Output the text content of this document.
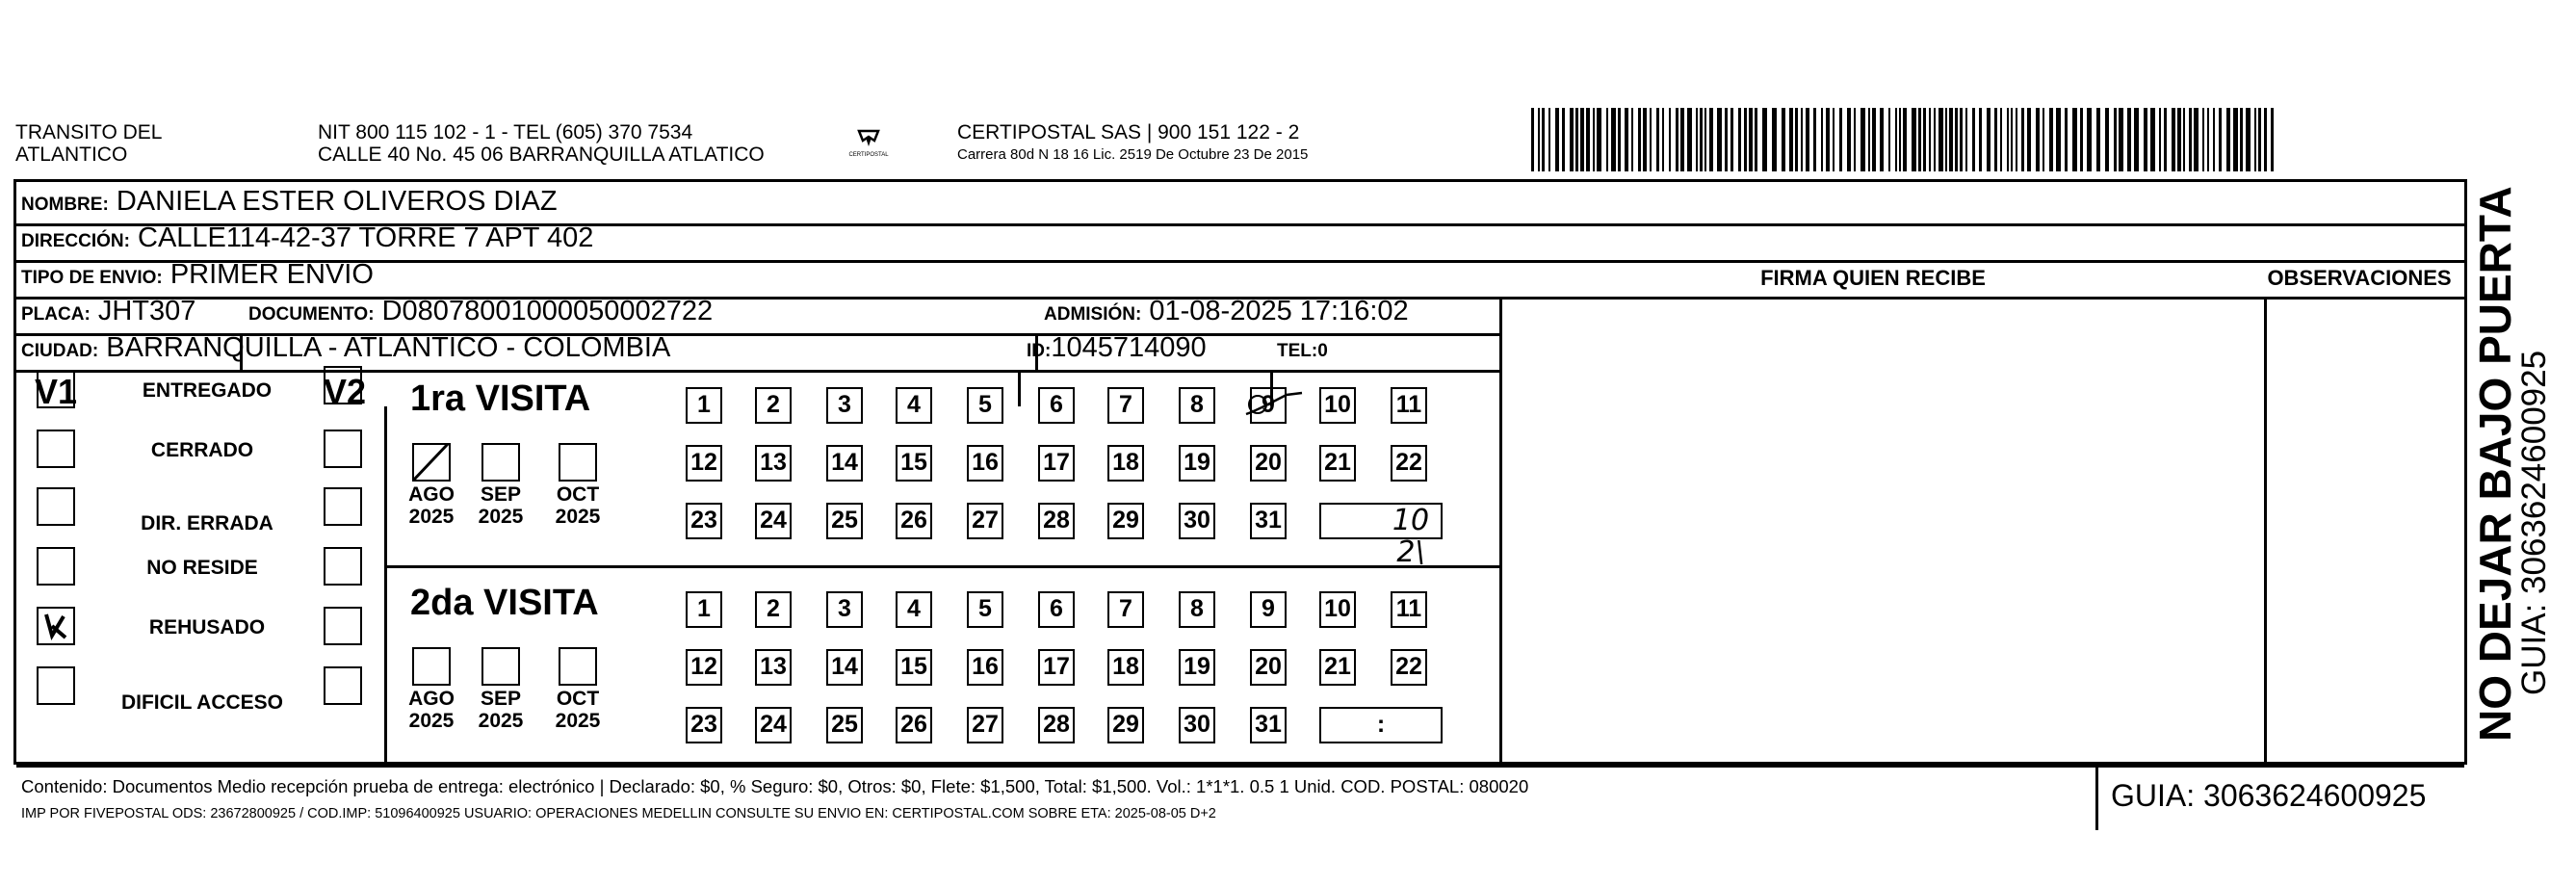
TRANSITO DEL
ATLANTICO
NIT 800 115 102 - 1 - TEL (605) 370 7534
CALLE 40 No. 45 06 BARRANQUILLA ATLATICO	CERTIPOSTAL
CERTIPOSTAL SAS | 900 151 122 - 2
Carrera 80d N 18 16 Lic. 2519 De Octubre 23 De 2015
NOMBRE: DANIELA ESTER OLIVEROS DIAZ
DIRECCIÓN: CALLE114-42-37 TORRE 7 APT 402
TIPO DE ENVIO: PRIMER ENVIO
PLACA: JHT307	DOCUMENTO: D08078001000050002722	ADMISIÓN: 01-08-2025 17:16:02
CIUDAD: BARRANQUILLA - ATLANTICO - COLOMBIA	ID:1045714090	TEL:0
FIRMA QUIEN RECIBE	OBSERVACIONES
V1	V2
ENTREGADO
CERRADO
DIR. ERRADA
NO RESIDE
REHUSADO
DIFICIL ACCESO
1ra VISITA
AGO
2025
SEP
2025
OCT
2025
1	2	3	4	5	6	7	8	9	10 11
12 13 14 15 16 17 18 19 20 21 22
23 24 25 26 27 28 29 30 31	10 2\
2da VISITA
AGO
2025
SEP
2025
OCT
2025
1	2	3	4	5	6	7	8	9	10 11
12 13 14 15 16 17 18 19 20 21 22
23 24 25 26 27 28 29 30 31	:
Contenido: Documentos Medio recepción prueba de entrega: electrónico | Declarado: $0, % Seguro: $0, Otros: $0, Flete: $1,500, Total: $1,500. Vol.: 1*1*1. 0.5 1 Unid. COD. POSTAL: 080020
IMP POR FIVEPOSTAL ODS: 23672800925 / COD.IMP: 51096400925 USUARIO: OPERACIONES MEDELLIN CONSULTE SU ENVIO EN: CERTIPOSTAL.COM SOBRE ETA: 2025-08-05 D+2
GUIA: 3063624600925
NO DEJAR BAJO PUERTA
GUIA: 3063624600925
